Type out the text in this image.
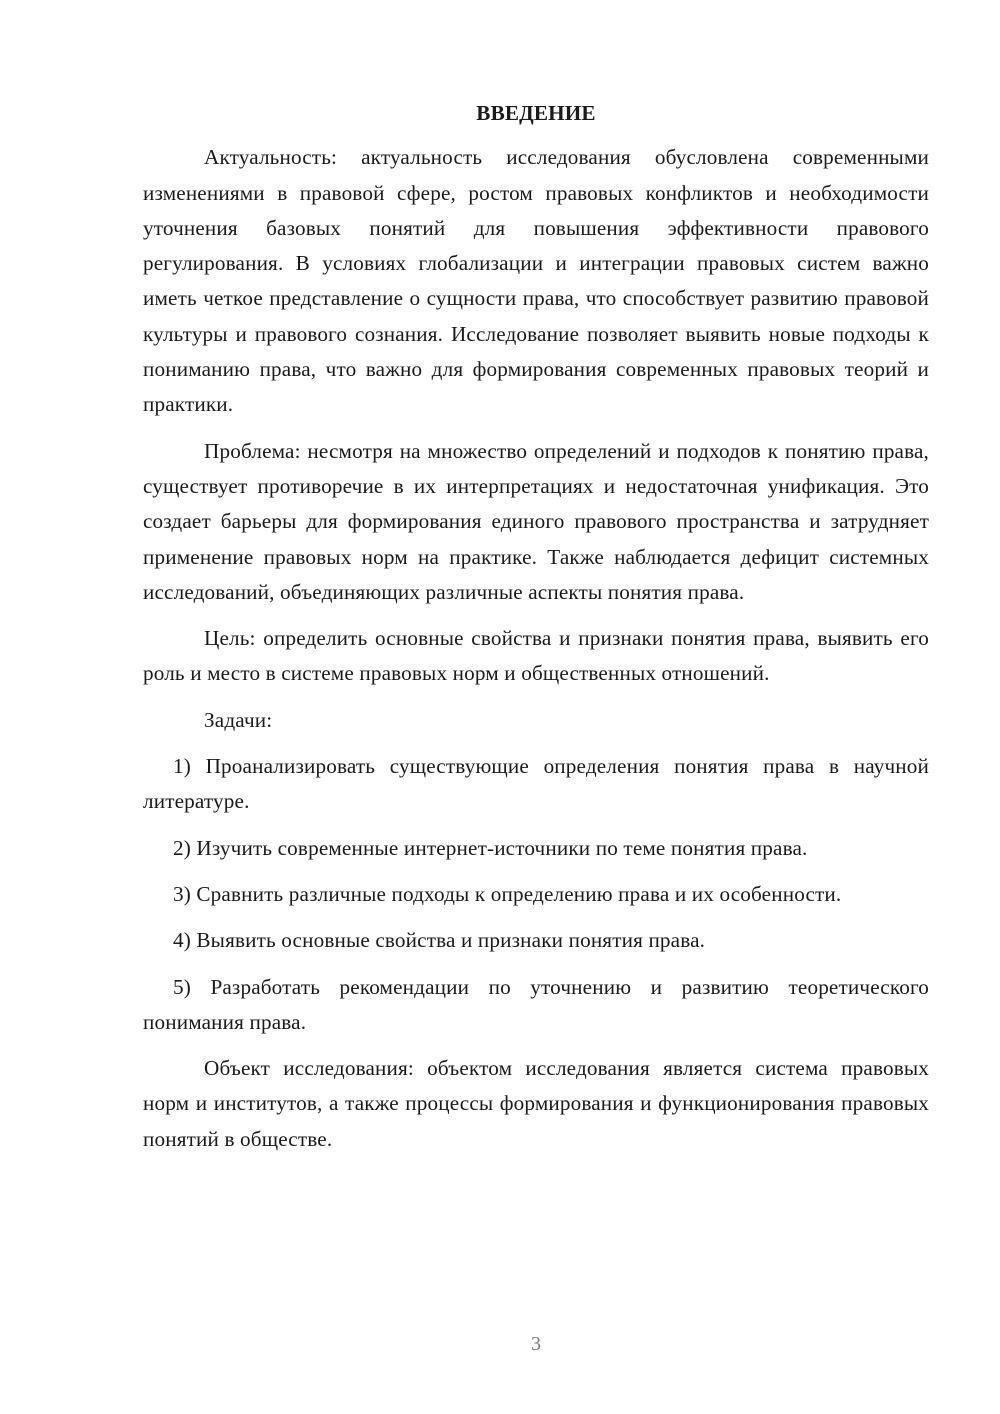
ВВЕДЕНИЕ

Актуальность: актуальность исследования обусловлена современными изменениями в правовой сфере, ростом правовых конфликтов и необходимости уточнения базовых понятий для повышения эффективности правового регулирования. В условиях глобализации и интеграции правовых систем важно иметь четкое представление о сущности права, что способствует развитию правовой культуры и правового сознания. Исследование позволяет выявить новые подходы к пониманию права, что важно для формирования современных правовых теорий и практики.

Проблема: несмотря на множество определений и подходов к понятию права, существует противоречие в их интерпретациях и недостаточная унификация. Это создает барьеры для формирования единого правового пространства и затрудняет применение правовых норм на практике. Также наблюдается дефицит системных исследований, объединяющих различные аспекты понятия права.

Цель: определить основные свойства и признаки понятия права, выявить его роль и место в системе правовых норм и общественных отношений.

Задачи:

1) Проанализировать существующие определения понятия права в научной литературе.

2) Изучить современные интернет-источники по теме понятия права.

3) Сравнить различные подходы к определению права и их особенности.

4) Выявить основные свойства и признаки понятия права.

5) Разработать рекомендации по уточнению и развитию теоретического понимания права.

Объект исследования: объектом исследования является система правовых норм и институтов, а также процессы формирования и функционирования правовых понятий в обществе.

3
